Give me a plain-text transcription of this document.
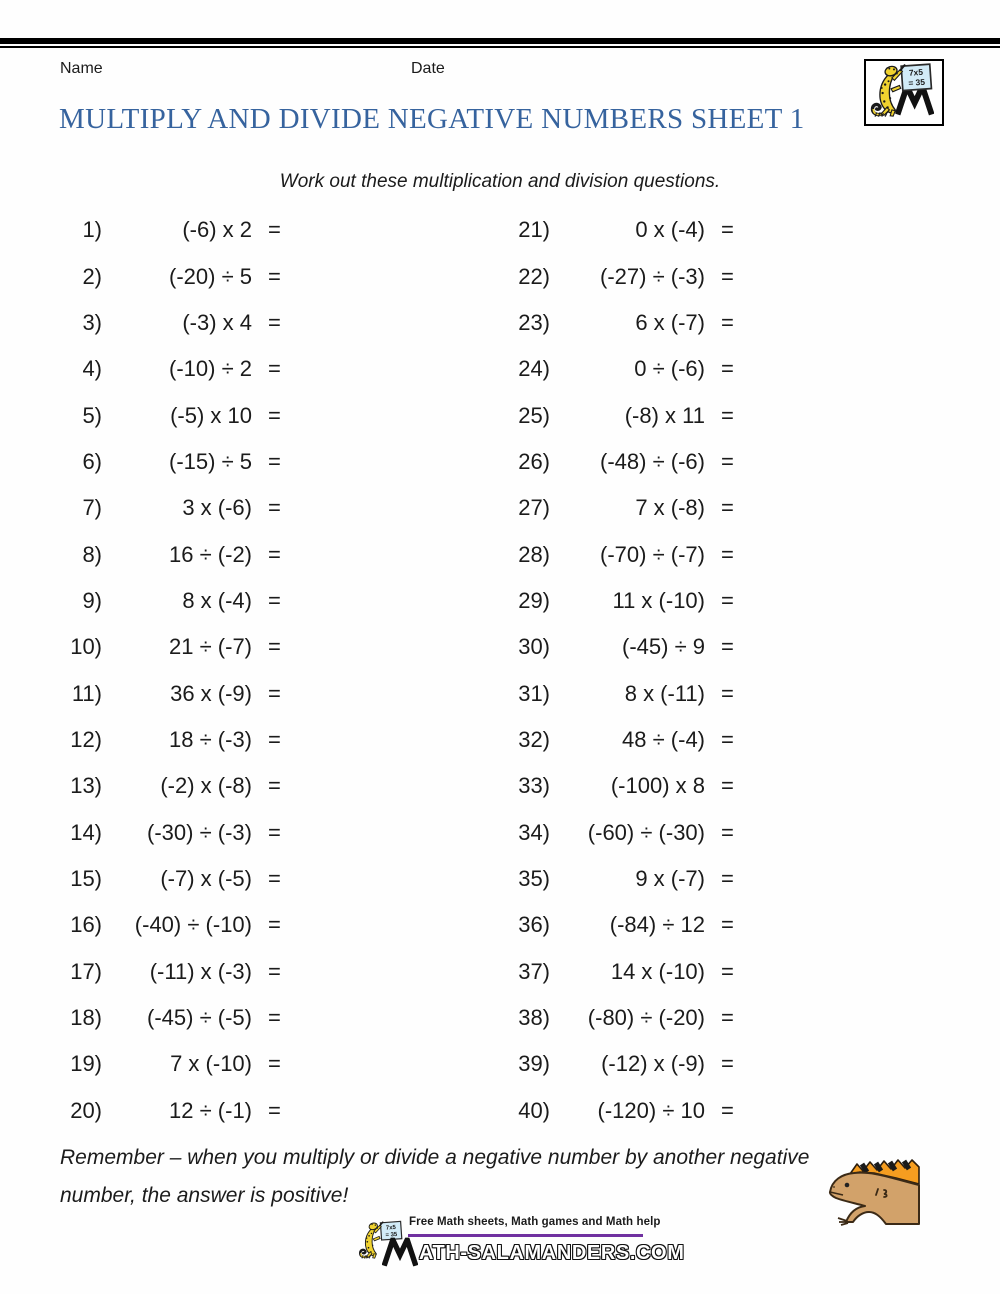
Name	Date
MULTIPLY AND DIVIDE NEGATIVE NUMBERS SHEET 1
Work out these multiplication and division questions.
1)	(-6) x 2 =
2)	(-20) ÷ 5 =
3)	(-3) x 4 =
4)	(-10) ÷ 2 =
5)	(-5) x 10 =
6)	(-15) ÷ 5 =
7)	3 x (-6) =
8)	16 ÷ (-2) =
9)	8 x (-4) =
10)	21 ÷ (-7) =
11)	36 x (-9) =
12)	18 ÷ (-3) =
13)	(-2) x (-8) =
14)	(-30) ÷ (-3) =
15)	(-7) x (-5) =
16)	(-40) ÷ (-10) =
17)	(-11) x (-3) =
18)	(-45) ÷ (-5) =
19)	7 x (-10) =
20)	12 ÷ (-1) =
21)	0 x (-4) =
22)	(-27) ÷ (-3) =
23)	6 x (-7) =
24)	0 ÷ (-6) =
25)	(-8) x 11 =
26)	(-48) ÷ (-6) =
27)	7 x (-8) =
28)	(-70) ÷ (-7) =
29)	11 x (-10) =
30)	(-45) ÷ 9 =
31)	8 x (-11) =
32)	48 ÷ (-4) =
33)	(-100) x 8 =
34)	(-60) ÷ (-30) =
35)	9 x (-7) =
36)	(-84) ÷ 12 =
37)	14 x (-10) =
38)	(-80) ÷ (-20) =
39)	(-12) x (-9) =
40)	(-120) ÷ 10 =
Remember – when you multiply or divide a negative number by another negative
number, the answer is positive!
Free Math sheets, Math games and Math help
ATH-SALAMANDERS.COM
